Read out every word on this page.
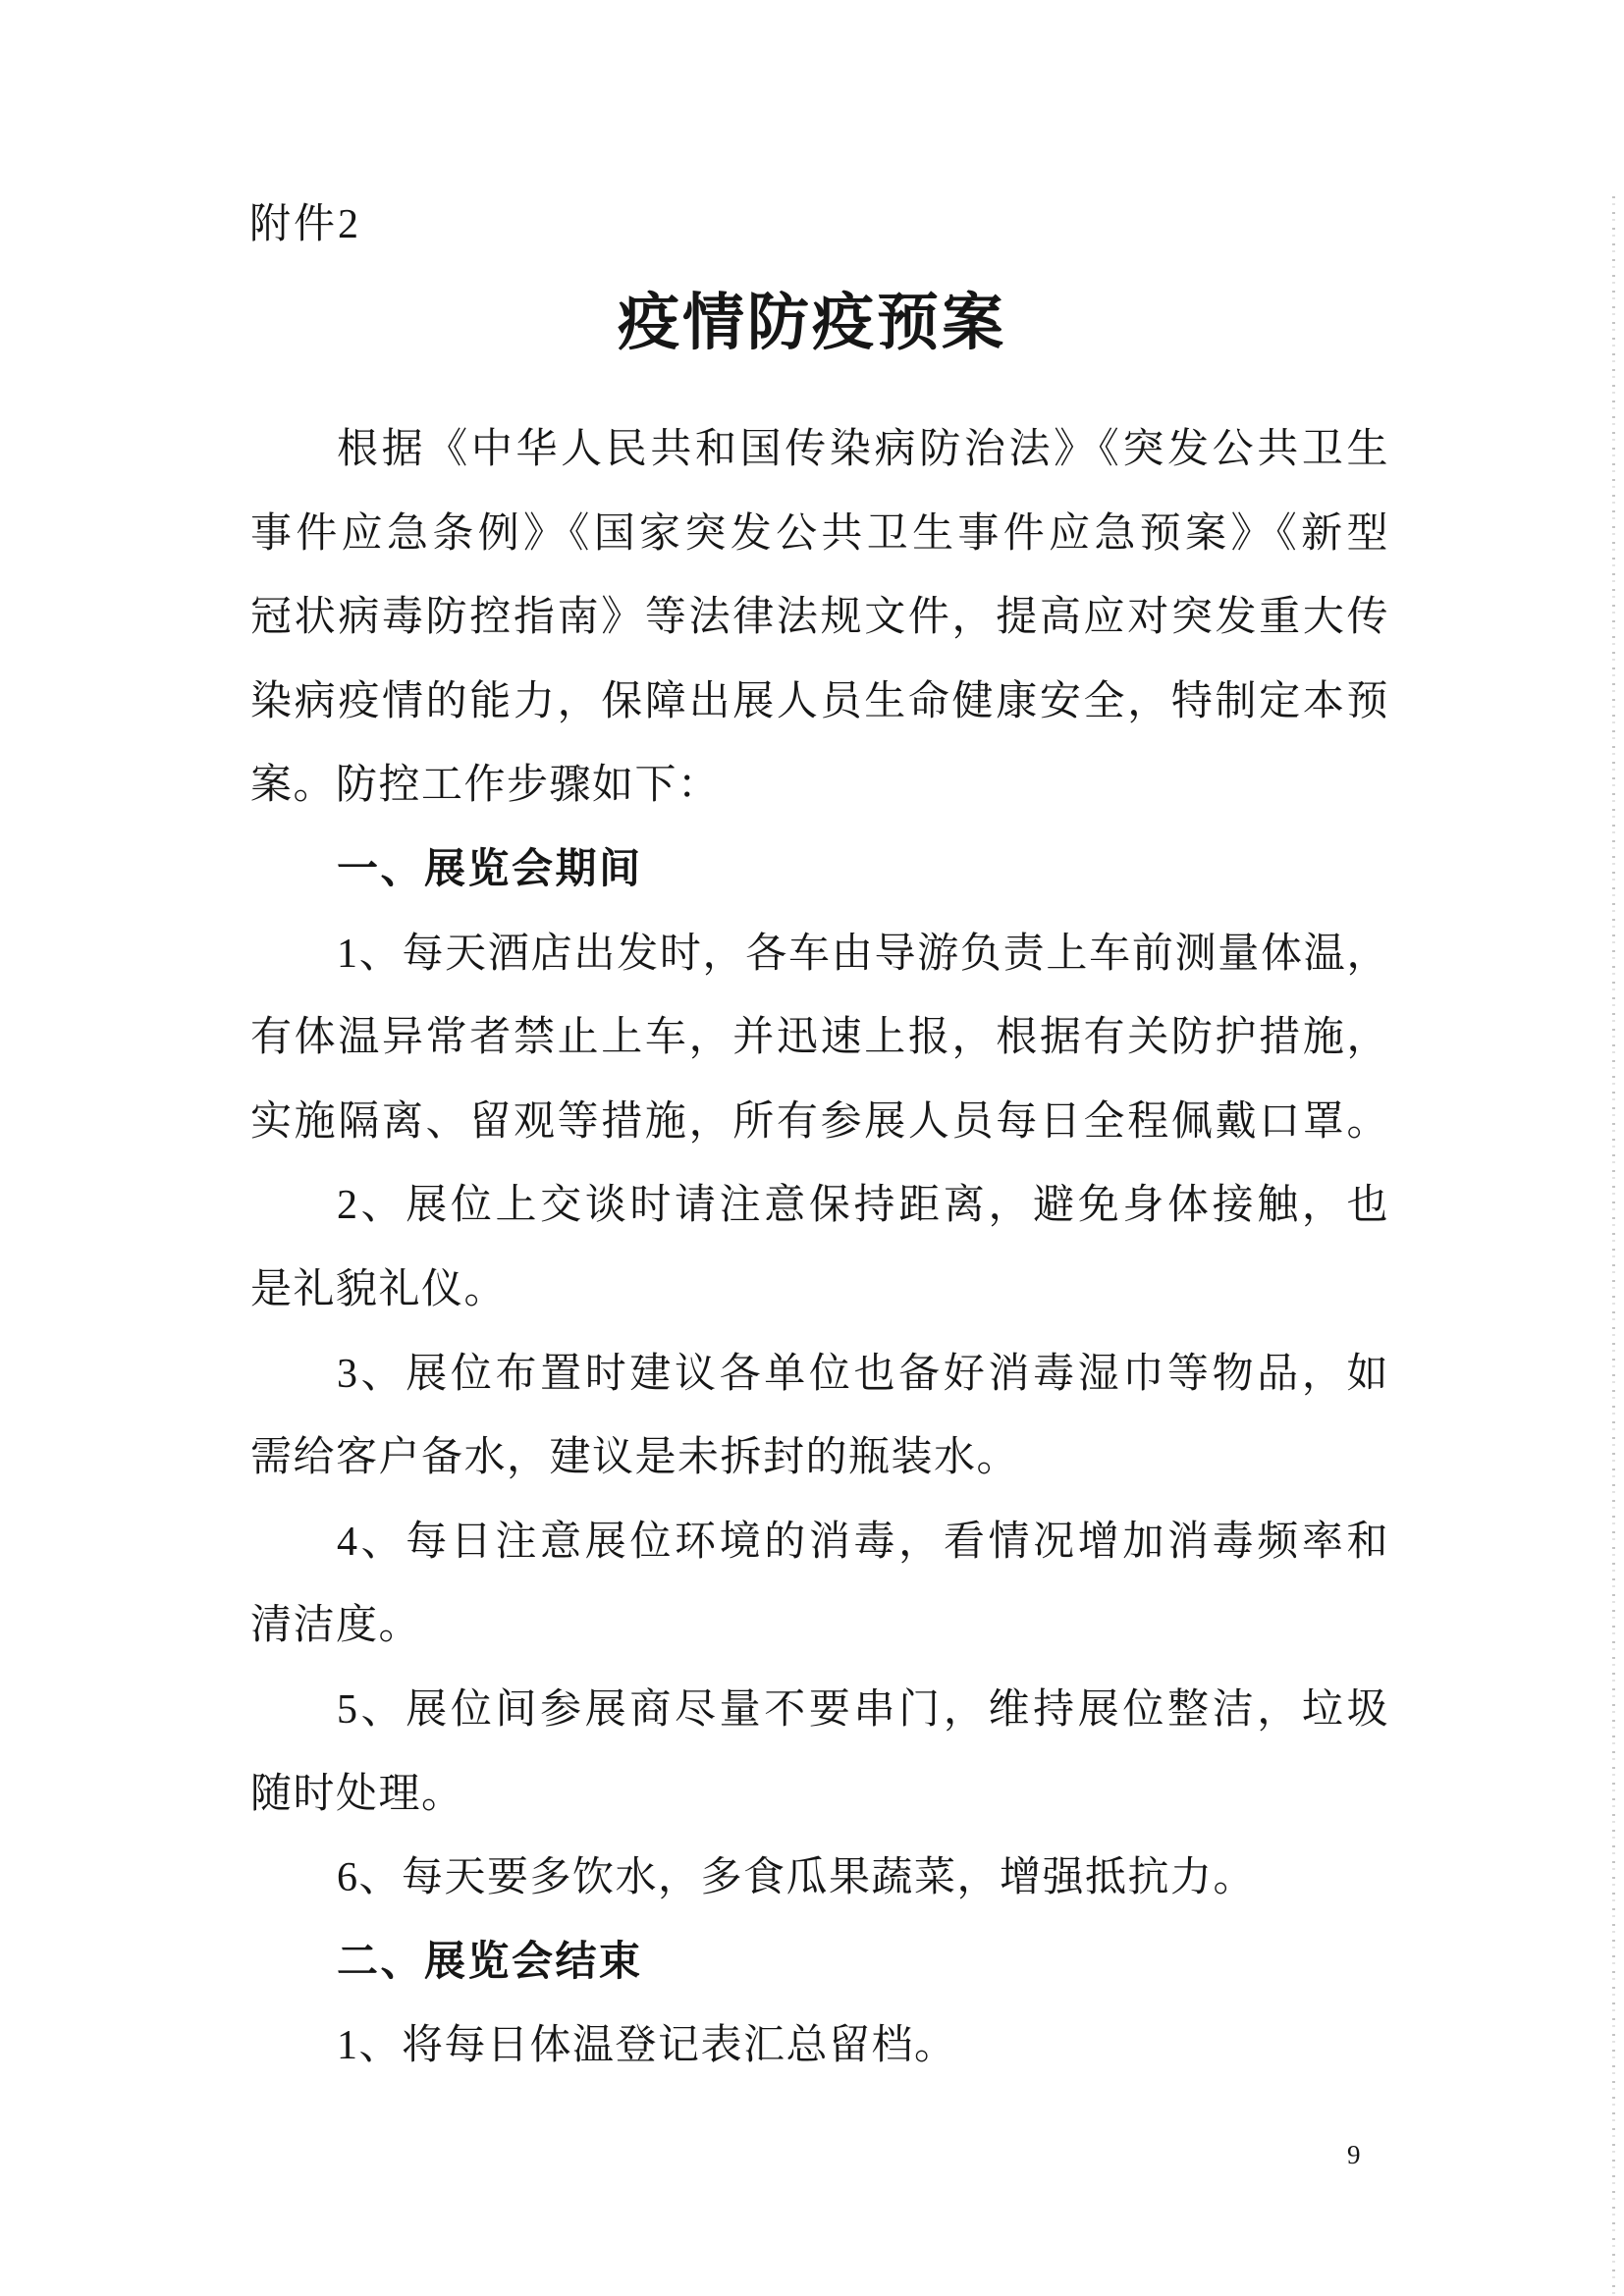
附件2
疫情防疫预案
根据《中华人民共和国传染病防治法》《突发公共卫生
事件应急条例》《国家突发公共卫生事件应急预案》《新型
冠状病毒防控指南》等法律法规文件，提高应对突发重大传
染病疫情的能力，保障出展人员生命健康安全，特制定本预
案。防控工作步骤如下：
一、展览会期间
1、每天酒店出发时，各车由导游负责上车前测量体温，
有体温异常者禁止上车，并迅速上报，根据有关防护措施，
实施隔离、留观等措施，所有参展人员每日全程佩戴口罩。
2、展位上交谈时请注意保持距离，避免身体接触，也
是礼貌礼仪。
3、展位布置时建议各单位也备好消毒湿巾等物品，如
需给客户备水，建议是未拆封的瓶装水。
4、每日注意展位环境的消毒，看情况增加消毒频率和
清洁度。
5、展位间参展商尽量不要串门，维持展位整洁，垃圾
随时处理。
6、每天要多饮水，多食瓜果蔬菜，增强抵抗力。
二、展览会结束
1、将每日体温登记表汇总留档。
9
